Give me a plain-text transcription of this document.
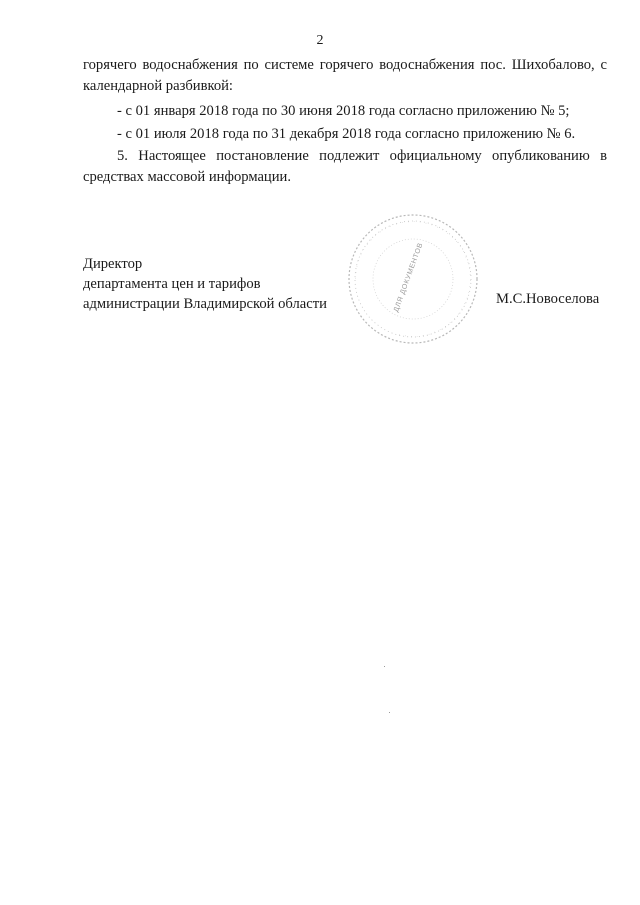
2
горячего водоснабжения по системе горячего водоснабжения пос. Шихобалово, с календарной разбивкой:
- с 01 января 2018 года по 30 июня 2018 года согласно приложению № 5;
- с 01 июля 2018 года по 31 декабря 2018 года согласно приложению № 6.
5. Настоящее постановление подлежит официальному опубликованию в средствах массовой информации.
Директор
департамента цен и тарифов
администрации Владимирской области
· · · · · · · · · · · · · · · · · · · · · · · · · · · · · · · · · · · · · · · · · · · · · · · ·
ДЛЯ ДОКУМЕНТОВ	М.С.Новоселова
